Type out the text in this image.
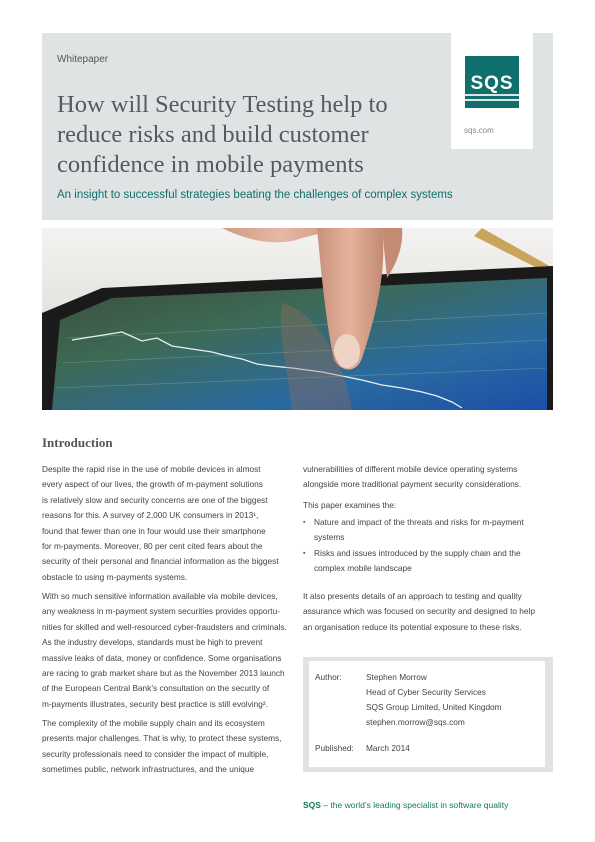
Whitepaper
How will Security Testing help to
reduce risks and build customer
confidence in mobile payments
An insight to successful strategies beating the challenges of complex systems
SQS
sqs.com
Introduction
Despite the rapid rise in the use of mobile devices in almost
every aspect of our lives, the growth of m-payment solutions
is relatively slow and security concerns are one of the biggest
reasons for this. A survey of 2,000 UK consumers in 2013¹,
found that fewer than one in four would use their smartphone
for m-payments. Moreover, 80 per cent cited fears about the
security of their personal and financial information as the biggest
obstacle to using m-payments systems.
With so much sensitive information available via mobile devices,
any weakness in m-payment system securities provides opportu-
nities for skilled and well-resourced cyber-fraudsters and criminals.
As the industry develops, standards must be high to prevent
massive leaks of data, money or confidence. Some organisations
are racing to grab market share but as the November 2013 launch
of the European Central Bank’s consultation on the security of
m-payments illustrates, security best practice is still evolving².
The complexity of the mobile supply chain and its ecosystem
presents major challenges. That is why, to protect these systems,
security professionals need to consider the impact of multiple,
sometimes public, network infrastructures, and the unique
vulnerabilities of different mobile device operating systems
alongside more traditional payment security considerations.
This paper examines the:
▪ Nature and impact of the threats and risks for m-payment
systems
▪ Risks and issues introduced by the supply chain and the
complex mobile landscape
It also presents details of an approach to testing and quality
assurance which was focused on security and designed to help
an organisation reduce its potential exposure to these risks.
Author:	Stephen Morrow
Head of Cyber Security Services
SQS Group Limited, United Kingdom
stephen.morrow@sqs.com
Published: March 2014
SQS – the world’s leading specialist in software quality
